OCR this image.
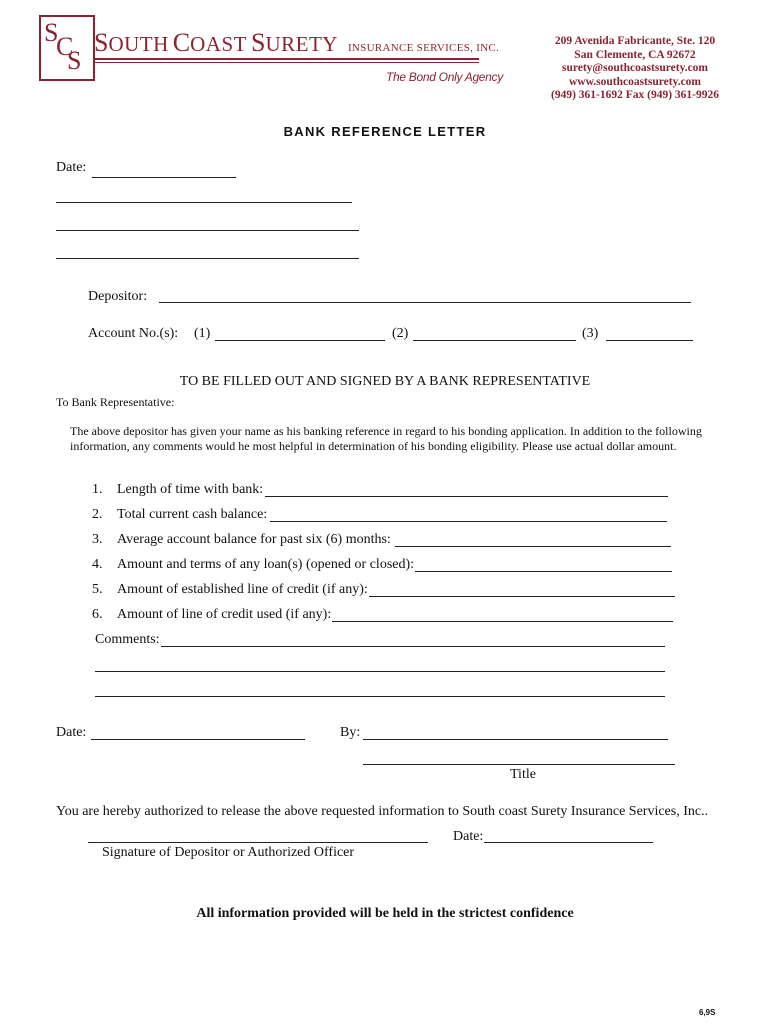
S
C
S
SOUTH COAST SURETY INSURANCE SERVICES, INC.
The Bond Only Agency
209 Avenida Fabricante, Ste. 120
San Clemente, CA 92672
surety@southcoastsurety.com
www.southcoastsurety.com
(949) 361-1692 Fax (949) 361-9926
BANK REFERENCE LETTER
Date:
Depositor:
Account No.(s): (1)	(2)	(3)
TO BE FILLED OUT AND SIGNED BY A BANK REPRESENTATIVE
To Bank Representative:
The above depositor has given your name as his banking reference in regard to his bonding application. In addition to the following information, any comments would he most helpful in determination of his bonding eligibility. Please use actual dollar amount.
1. Length of time with bank:
2. Total current cash balance:
3. Average account balance for past six (6) months:
4. Amount and terms of any loan(s) (opened or closed):
5. Amount of established line of credit (if any):
6. Amount of line of credit used (if any):
Comments:
Date:	By:
Title
You are hereby authorized to release the above requested information to South coast Surety Insurance Services, Inc..
Date:
Signature of Depositor or Authorized Officer
All information provided will be held in the strictest confidence
6,9S
